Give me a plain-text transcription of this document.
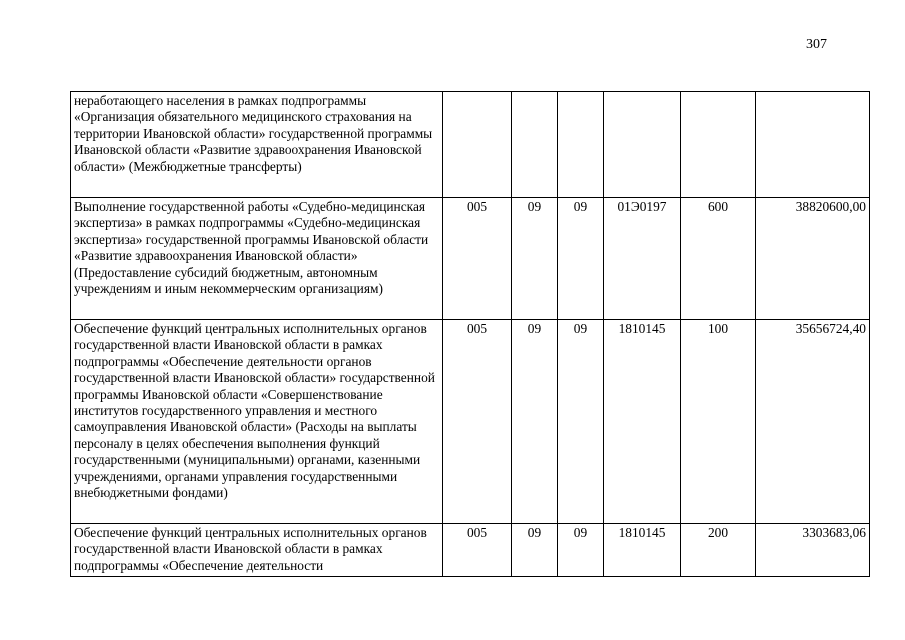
307
неработающего населения в рамках подпрограммы «Организация обязательного медицинского страхования на территории Ивановской области» государственной программы Ивановской области «Развитие здравоохранения Ивановской области» (Межбюджетные трансферты)						
Выполнение государственной работы «Судебно-медицинская экспертиза» в рамках подпрограммы «Судебно-медицинская экспертиза» государственной программы Ивановской области «Развитие здравоохранения Ивановской области» (Предоставление субсидий бюджетным, автономным учреждениям и иным некоммерческим организациям)	005	09	09	01Э0197	600	38820600,00
Обеспечение функций центральных исполнительных органов государственной власти Ивановской области в рамках подпрограммы «Обеспечение деятельности органов государственной власти Ивановской области» государственной программы Ивановской области «Совершенствование институтов государственного управления и местного самоуправления Ивановской области» (Расходы на выплаты персоналу в целях обеспечения выполнения функций государственными (муниципальными) органами, казенными учреждениями, органами управления государственными внебюджетными фондами)	005	09	09	1810145	100	35656724,40
Обеспечение функций центральных исполнительных органов государственной власти Ивановской области в рамках подпрограммы «Обеспечение деятельности	005	09	09	1810145	200	3303683,06
